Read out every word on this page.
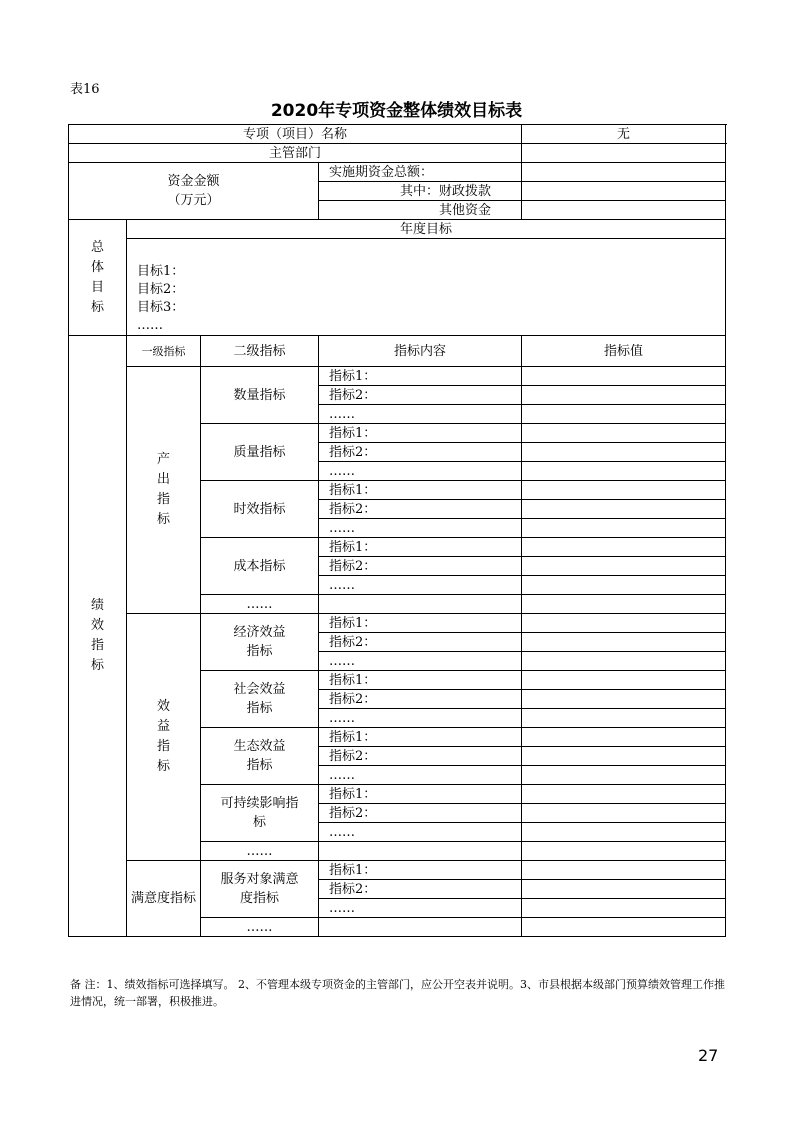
表16
2020年专项资金整体绩效目标表
专项（项目）名称				无
主管部门				
资金金额
（万元）			实施期资金总额：	
			其中：财政拨款	
			其他资金	
总体目标	年度目标			

	目标1：
目标2：
目标3：
……			

绩效指标	一级指标	二级指标	指标内容	指标值
	产出指标	数量指标	指标1：	
			指标2：	
			……	
		质量指标	指标1：	
			指标2：	
			……	
		时效指标	指标1：	
			指标2：	
			……	
		成本指标	指标1：	
			指标2：	
			……	
		……		
	效益指标	经济效益指标	指标1：	
			指标2：	
			……	
		社会效益指标	指标1：	
			指标2：	
			……	
		生态效益指标	指标1：	
			指标2：	
			……	
		可持续影响指标	指标1：	
			指标2：	
			……	
		……		
	满意度指标	服务对象满意度指标	指标1：	
			指标2：	
			……	
		……		
备 注：1、绩效指标可选择填写。 2、不管理本级专项资金的主管部门，应公开空表并说明。3、市县根据本级部门预算绩效管理工作推进情况，统一部署，积极推进。
27
